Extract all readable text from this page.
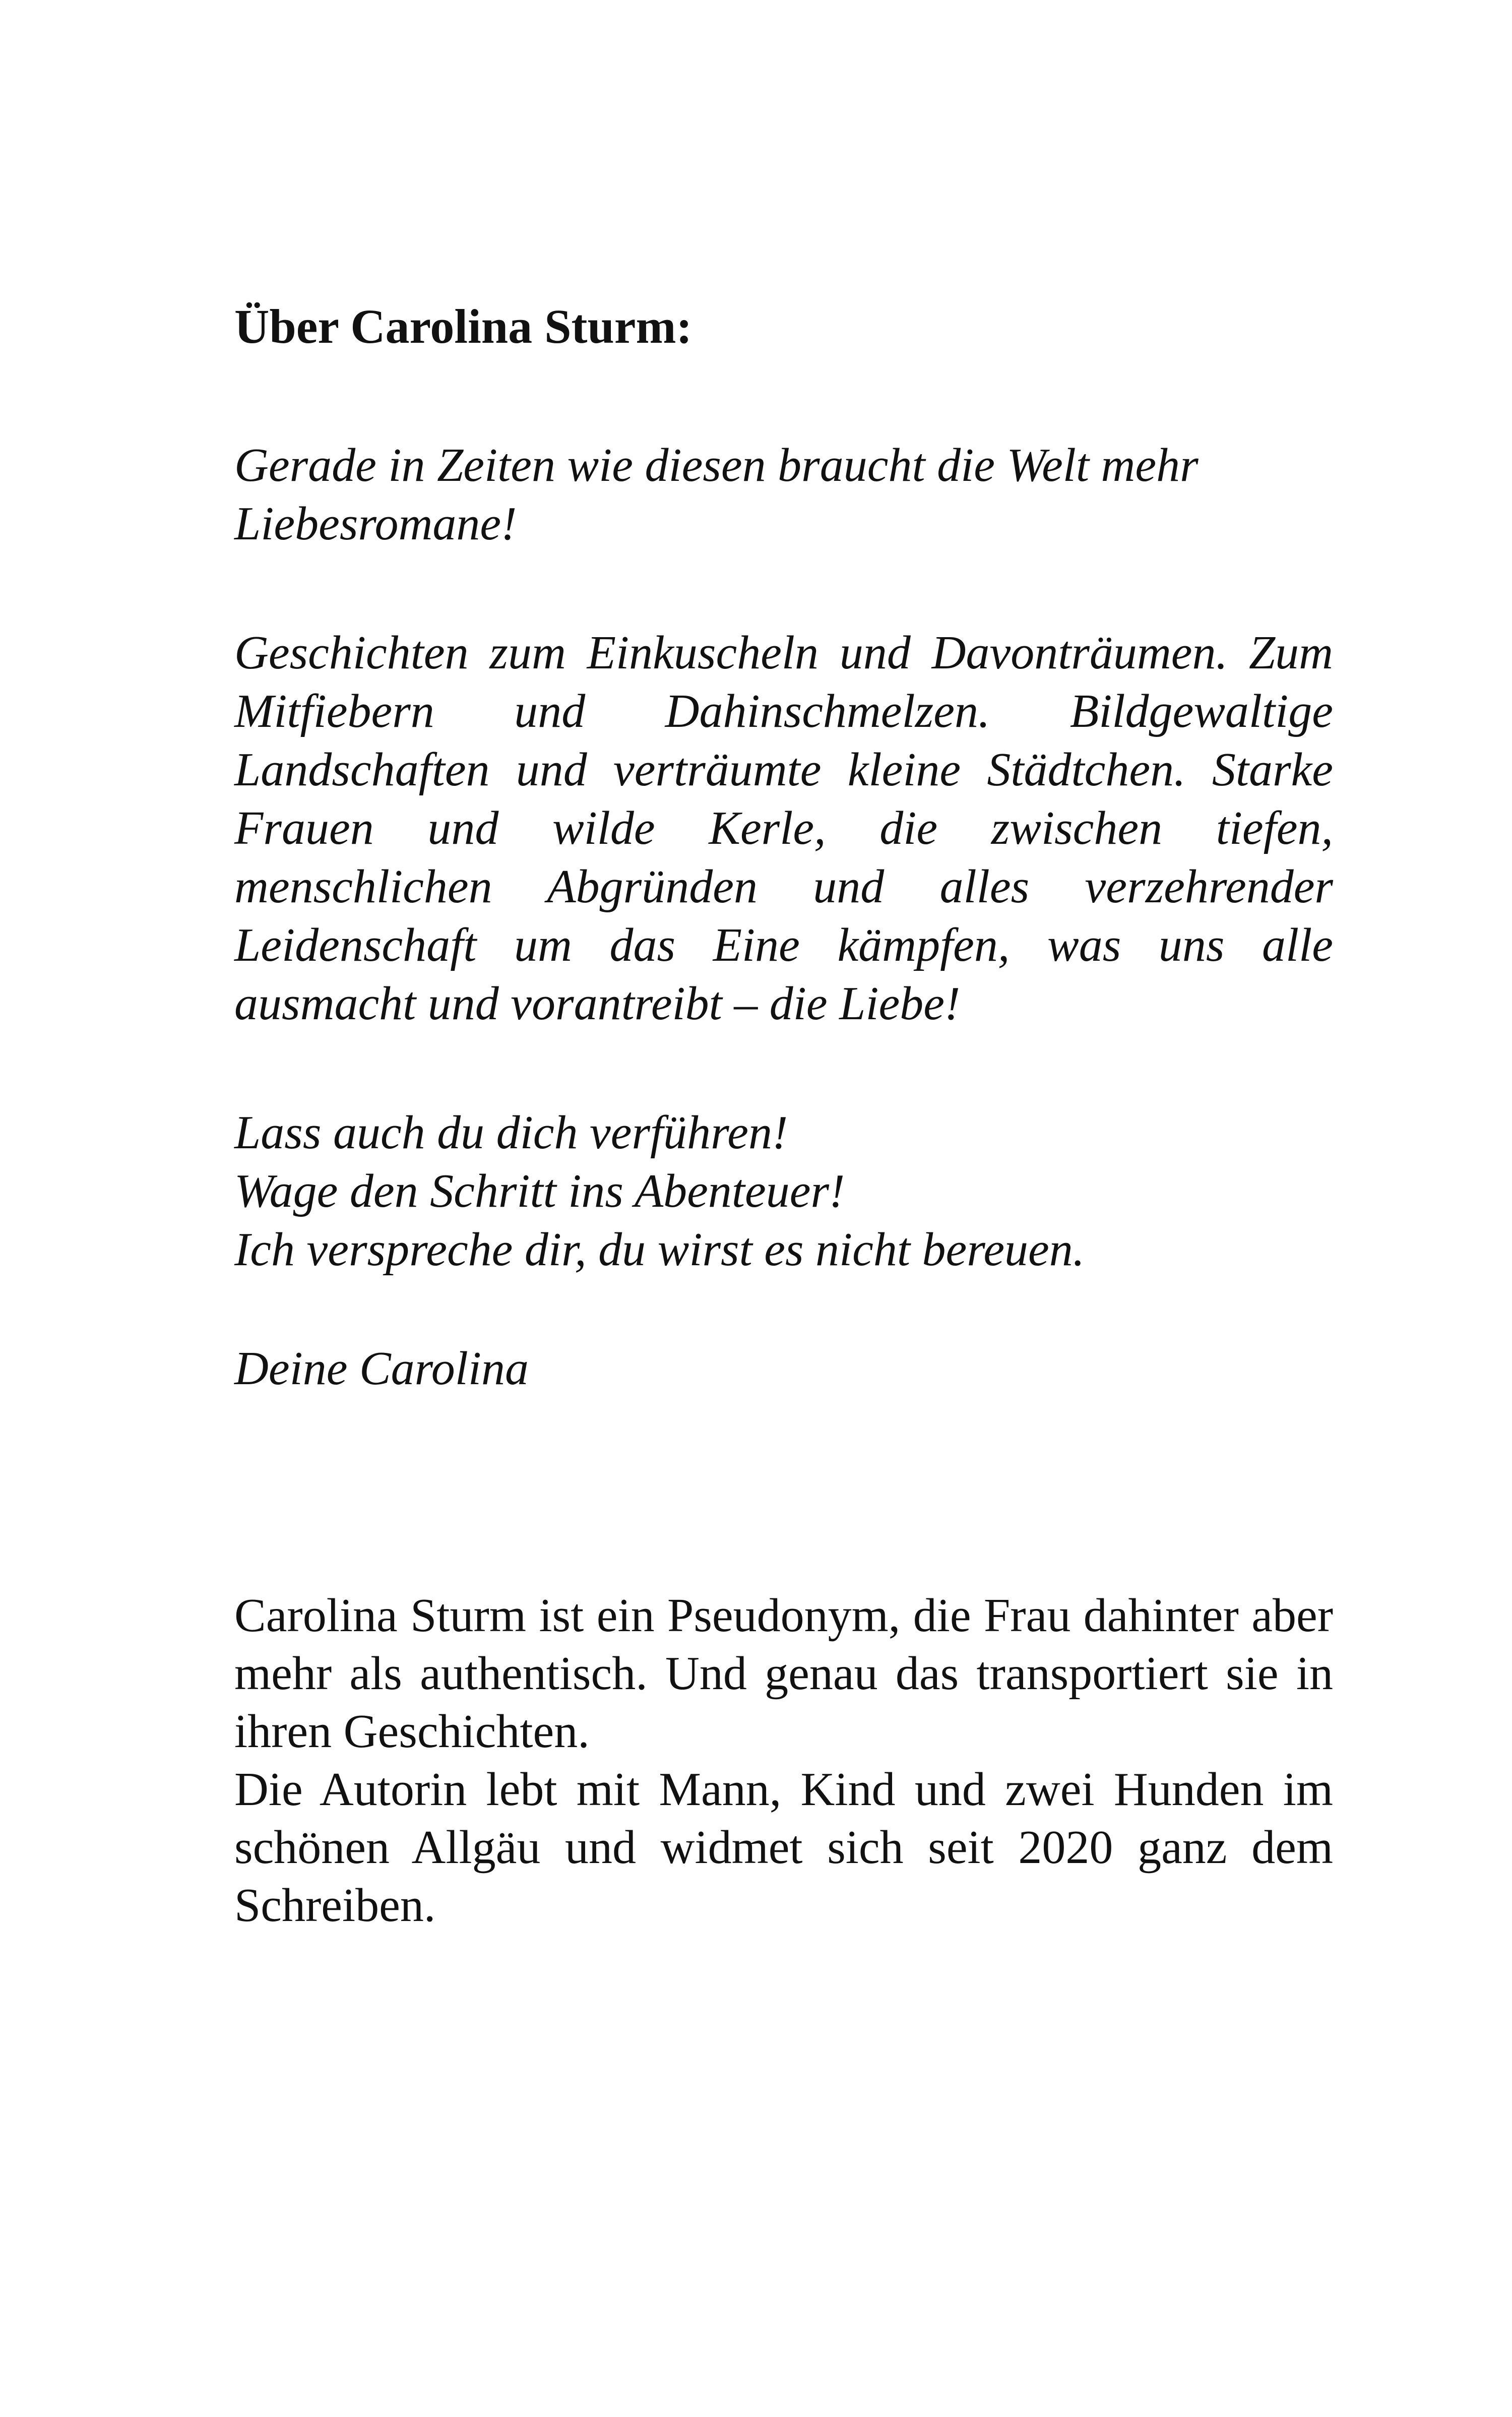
Über Carolina Sturm:

Gerade in Zeiten wie diesen braucht die Welt mehr Liebesromane!

Geschichten zum Einkuscheln und Davonträumen. Zum Mitfiebern und Dahinschmelzen. Bildgewaltige Landschaften und verträumte kleine Städtchen. Starke Frauen und wilde Kerle, die zwischen tiefen, menschlichen Abgründen und alles verzehrender Leidenschaft um das Eine kämpfen, was uns alle ausmacht und vorantreibt – die Liebe!

Lass auch du dich verführen!
Wage den Schritt ins Abenteuer!
Ich verspreche dir, du wirst es nicht bereuen.

Deine Carolina

Carolina Sturm ist ein Pseudonym, die Frau dahinter aber mehr als authentisch. Und genau das transportiert sie in ihren Geschichten.

Die Autorin lebt mit Mann, Kind und zwei Hunden im schönen Allgäu und widmet sich seit 2020 ganz dem Schreiben.
